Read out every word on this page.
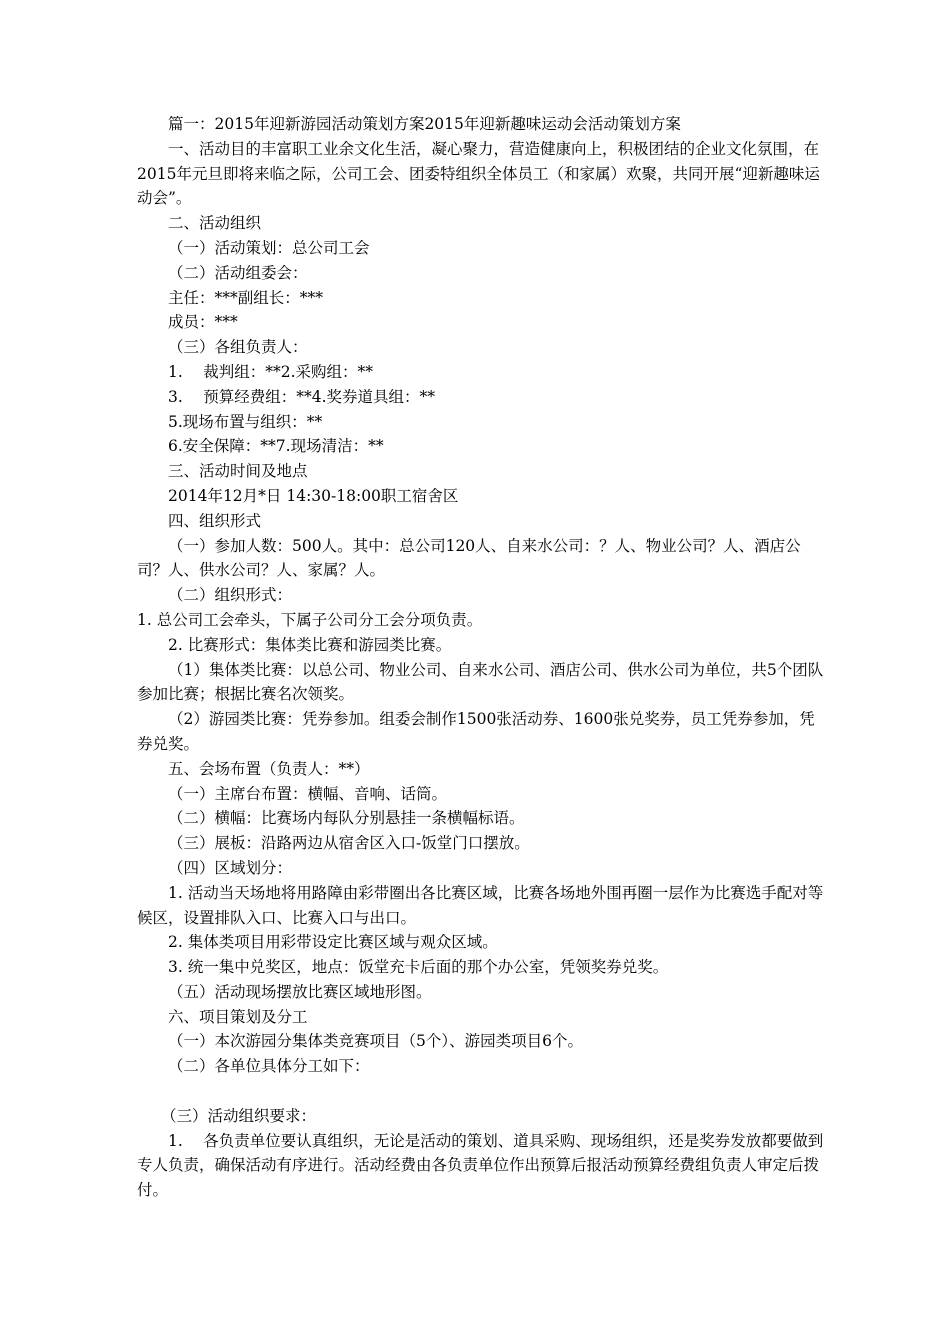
篇一：2015年迎新游园活动策划方案2015年迎新趣味运动会活动策划方案

一、活动目的丰富职工业余文化生活，凝心聚力，营造健康向上，积极团结的企业文化氛围，在2015年元旦即将来临之际，公司工会、团委特组织全体员工（和家属）欢聚，共同开展“迎新趣味运动会”。

二、活动组织

（一）活动策划：总公司工会

（二）活动组委会：

主任：***副组长：***

成员：***

（三）各组负责人：

1.　 裁判组：**2.采购组：**

3.　 预算经费组：**4.奖券道具组：**

5.现场布置与组织：**

6.安全保障：**7.现场清洁：**

三、活动时间及地点

2014年12月*日 14:30-18:00职工宿舍区

四、组织形式

（一）参加人数：500人。其中：总公司120人、自来水公司：？人、物业公司？人、酒店公司？人、供水公司？人、家属？人。

（二）组织形式：

1. 总公司工会牵头，下属子公司分工会分项负责。

2. 比赛形式：集体类比赛和游园类比赛。

（1）集体类比赛：以总公司、物业公司、自来水公司、酒店公司、供水公司为单位，共5个团队参加比赛；根据比赛名次领奖。

（2）游园类比赛：凭券参加。组委会制作1500张活动券、1600张兑奖券，员工凭券参加，凭券兑奖。

五、会场布置（负责人：**）

（一）主席台布置：横幅、音响、话筒。

（二）横幅：比赛场内每队分别悬挂一条横幅标语。

（三）展板：沿路两边从宿舍区入口-饭堂门口摆放。

（四）区域划分：

1. 活动当天场地将用路障由彩带圈出各比赛区域，比赛各场地外围再圈一层作为比赛选手配对等候区，设置排队入口、比赛入口与出口。

2. 集体类项目用彩带设定比赛区域与观众区域。

3. 统一集中兑奖区，地点：饭堂充卡后面的那个办公室，凭领奖券兑奖。

（五）活动现场摆放比赛区域地形图。

六、项目策划及分工

（一）本次游园分集体类竞赛项目（5个）、游园类项目6个。

（二）各单位具体分工如下：

（三）活动组织要求：

1.　 各负责单位要认真组织，无论是活动的策划、道具采购、现场组织，还是奖券发放都要做到专人负责，确保活动有序进行。活动经费由各负责单位作出预算后报活动预算经费组负责人审定后拨付。
